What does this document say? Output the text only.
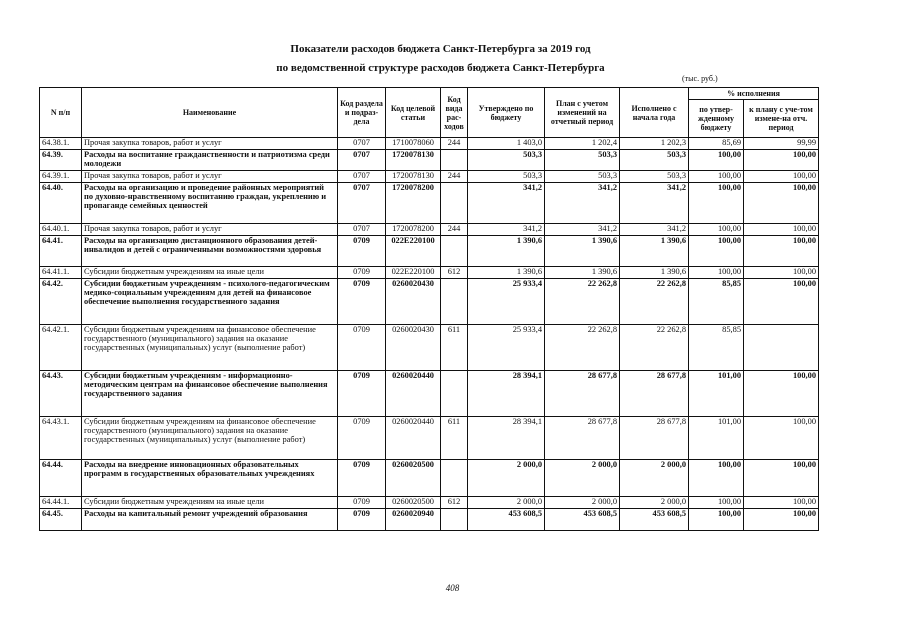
Показатели расходов бюджета Санкт-Петербурга за 2019 год
по ведомственной структуре расходов бюджета Санкт-Петербурга
(тыс. руб.)
N п/п	Наименование	Код раздела и подраз-дела	Код целевой статьи	Код вида рас-ходов	Утверждено по бюджету	План с учетом изменений на отчетный период	Исполнено с начала года	% исполнения	
								по утвер-жденному бюджету	к плану с уче-том измене-на отч. период
64.38.1.	Прочая закупка товаров, работ и услуг	0707	1710078060	244	1 403,0	1 202,4	1 202,3	85,69	99,99
64.39.	Расходы на воспитание гражданственности и патриотизма среди молодежи	0707	1720078130		503,3	503,3	503,3	100,00	100,00
64.39.1.	Прочая закупка товаров, работ и услуг	0707	1720078130	244	503,3	503,3	503,3	100,00	100,00
64.40.	Расходы на организацию и проведение районных мероприятий по духовно-нравственному воспитанию граждан, укреплению и пропаганде семейных ценностей	0707	1720078200		341,2	341,2	341,2	100,00	100,00
64.40.1.	Прочая закупка товаров, работ и услуг	0707	1720078200	244	341,2	341,2	341,2	100,00	100,00
64.41.	Расходы на организацию дистанционного образования детей-инвалидов и детей с ограниченными возможностями здоровья	0709	022E220100		1 390,6	1 390,6	1 390,6	100,00	100,00
64.41.1.	Субсидии бюджетным учреждениям на иные цели	0709	022E220100	612	1 390,6	1 390,6	1 390,6	100,00	100,00
64.42.	Субсидии бюджетным учреждениям - психолого-педагогическим медико-социальным учреждениям для детей на финансовое обеспечение выполнения государственного задания	0709	0260020430		25 933,4	22 262,8	22 262,8	85,85	100,00
64.42.1.	Субсидии бюджетным учреждениям на финансовое обеспечение государственного (муниципального) задания на оказание государственных (муниципальных) услуг (выполнение работ)	0709	0260020430	611	25 933,4	22 262,8	22 262,8	85,85	
64.43.	Субсидии бюджетным учреждениям - информационно-методическим центрам на финансовое обеспечение выполнения государственного задания	0709	0260020440		28 394,1	28 677,8	28 677,8	101,00	100,00
64.43.1.	Субсидии бюджетным учреждениям на финансовое обеспечение государственного (муниципального) задания на оказание государственных (муниципальных) услуг (выполнение работ)	0709	0260020440	611	28 394,1	28 677,8	28 677,8	101,00	100,00
64.44.	Расходы на внедрение инновационных образовательных программ в государственных образовательных учреждениях	0709	0260020500		2 000,0	2 000,0	2 000,0	100,00	100,00
64.44.1.	Субсидии бюджетным учреждениям на иные цели	0709	0260020500	612	2 000,0	2 000,0	2 000,0	100,00	100,00
64.45.	Расходы на капитальный ремонт учреждений образования	0709	0260020940		453 608,5	453 608,5	453 608,5	100,00	100,00
408
